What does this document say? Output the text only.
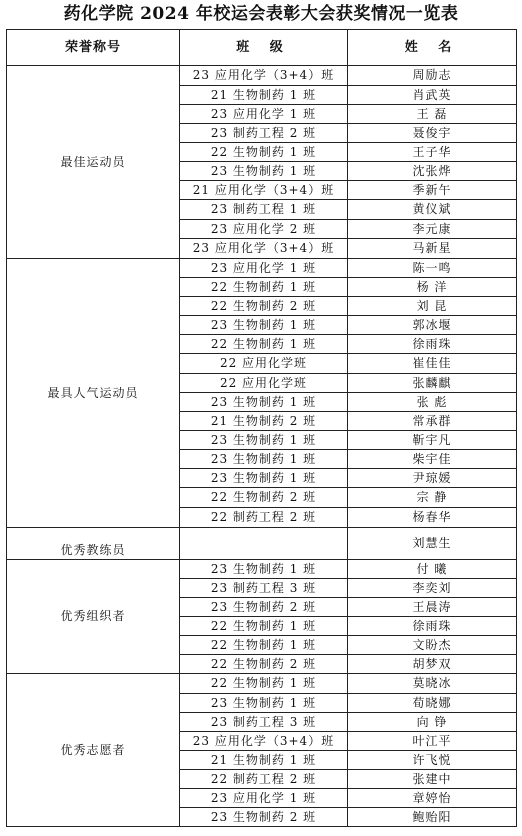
药化学院 2024 年校运会表彰大会获奖情况一览表
荣誉称号	班 级	姓 名
最佳运动员	23 应用化学（3+4）班	周励志
	21 生物制药 1 班	肖武英
	23 应用化学 1 班	王 磊
	23 制药工程 2 班	聂俊宇
	22 生物制药 1 班	王子华
	23 生物制药 1 班	沈张烨
	21 应用化学（3+4）班	季新午
	23 制药工程 1 班	黄仪斌
	23 应用化学 2 班	李元康
	23 应用化学（3+4）班	马新星
最具人气运动员	23 应用化学 1 班	陈一鸣
	22 生物制药 1 班	杨 洋
	22 生物制药 2 班	刘 昆
	23 生物制药 1 班	郭冰堰
	22 生物制药 1 班	徐雨珠
	22 应用化学班	崔佳佳
	22 应用化学班	张麟麒
	23 生物制药 1 班	张 彪
	21 生物制药 2 班	常承群
	23 生物制药 1 班	靳宇凡
	23 生物制药 1 班	柴宇佳
	23 生物制药 1 班	尹琼媛
	22 生物制药 2 班	宗 静
	22 制药工程 2 班	杨春华
优秀教练员		刘慧生
优秀组织者	23 生物制药 1 班	付 曦
	23 制药工程 3 班	李奕刘
	23 生物制药 2 班	王晨涛
	22 生物制药 1 班	徐雨珠
	22 生物制药 1 班	文盼杰
	22 生物制药 2 班	胡梦双
优秀志愿者	22 生物制药 1 班	莫晓冰
	23 生物制药 1 班	荀晓娜
	23 制药工程 3 班	向 铮
	23 应用化学（3+4）班	叶江平
	21 生物制药 1 班	许飞悦
	22 制药工程 2 班	张建中
	23 应用化学 1 班	章婷怡
	23 生物制药 2 班	鲍贻阳
